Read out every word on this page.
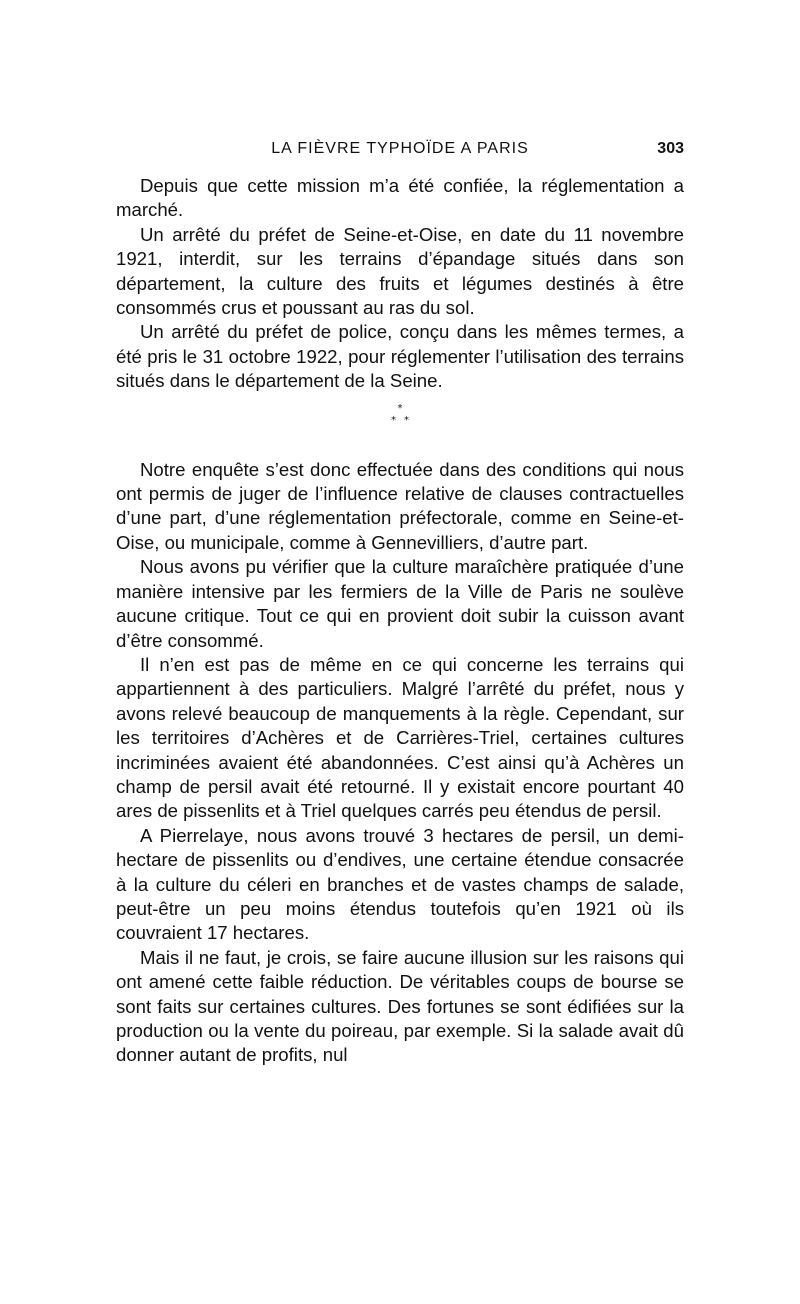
LA FIÈVRE TYPHOÏDE A PARIS	303

Depuis que cette mission m’a été confiée, la réglementation a marché.

Un arrêté du préfet de Seine-et-Oise, en date du 11 novembre 1921, interdit, sur les terrains d’épandage situés dans son département, la culture des fruits et légumes destinés à être consommés crus et poussant au ras du sol.

Un arrêté du préfet de police, conçu dans les mêmes termes, a été pris le 31 octobre 1922, pour réglementer l’utilisation des terrains situés dans le département de la Seine.

*
**

Notre enquête s’est donc effectuée dans des conditions qui nous ont permis de juger de l’influence relative de clauses contractuelles d’une part, d’une réglementation préfectorale, comme en Seine-et-Oise, ou municipale, comme à Gennevilliers, d’autre part.

Nous avons pu vérifier que la culture maraîchère pratiquée d’une manière intensive par les fermiers de la Ville de Paris ne soulève aucune critique. Tout ce qui en provient doit subir la cuisson avant d’être consommé.

Il n’en est pas de même en ce qui concerne les terrains qui appartiennent à des particuliers. Malgré l’arrêté du préfet, nous y avons relevé beaucoup de manquements à la règle. Cependant, sur les territoires d’Achères et de Carrières-Triel, certaines cultures incriminées avaient été abandonnées. C’est ainsi qu’à Achères un champ de persil avait été retourné. Il y existait encore pourtant 40 ares de pissenlits et à Triel quelques carrés peu étendus de persil.

A Pierrelaye, nous avons trouvé 3 hectares de persil, un demi-hectare de pissenlits ou d’endives, une certaine étendue consacrée à la culture du céleri en branches et de vastes champs de salade, peut-être un peu moins étendus toutefois qu’en 1921 où ils couvraient 17 hectares.

Mais il ne faut, je crois, se faire aucune illusion sur les raisons qui ont amené cette faible réduction. De véritables coups de bourse se sont faits sur certaines cultures. Des fortunes se sont édifiées sur la production ou la vente du poireau, par exemple. Si la salade avait dû donner autant de profits, nul
